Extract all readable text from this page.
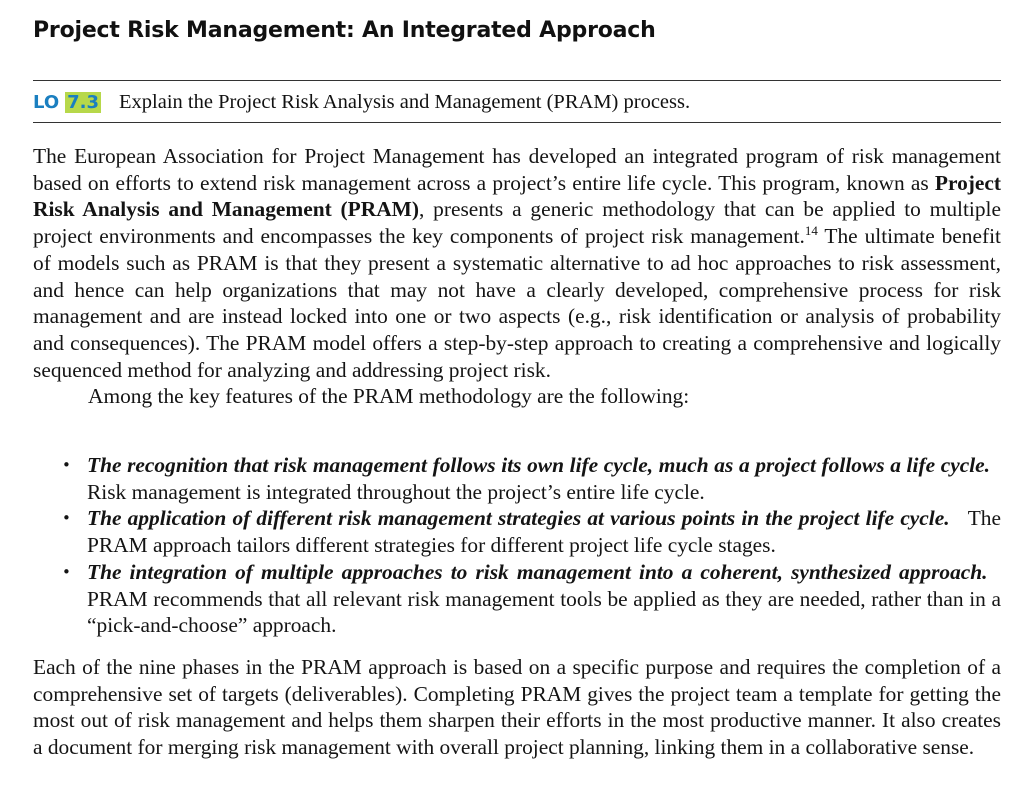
Project Risk Management: An Integrated Approach
LO 7.3 Explain the Project Risk Analysis and Management (PRAM) process.

The European Association for Project Management has developed an integrated program of risk management based on efforts to extend risk management across a project’s entire life cycle. This program, known as Project Risk Analysis and Management (PRAM), presents a generic methodology that can be applied to multiple project environments and encompasses the key components of project risk management.$^{14}$ The ultimate benefit of models such as PRAM is that they present a systematic alternative to ad hoc approaches to risk assessment, and hence can help organizations that may not have a clearly developed, comprehensive process for risk management and are instead locked into one or two aspects (e.g., risk identification or analysis of probability and consequences). The PRAM model offers a step-by-step approach to creating a comprehensive and logically sequenced method for analyzing and addressing project risk.

Among the key features of the PRAM methodology are the following:

• The recognition that risk management follows its own life cycle, much as a project follows a life cycle.   Risk management is integrated throughout the project’s entire life cycle.
• The application of different risk management strategies at various points in the project life cycle. The PRAM approach tailors different strategies for different project life cycle stages.
• The integration of multiple approaches to risk management into a coherent, synthesized approach.   PRAM recommends that all relevant risk management tools be applied as they are needed, rather than in a “pick-and-choose” approach.

Each of the nine phases in the PRAM approach is based on a specific purpose and requires the completion of a comprehensive set of targets (deliverables). Completing PRAM gives the project team a template for getting the most out of risk management and helps them sharpen their efforts in the most productive manner. It also creates a document for merging risk management with overall project planning, linking them in a collaborative sense.
